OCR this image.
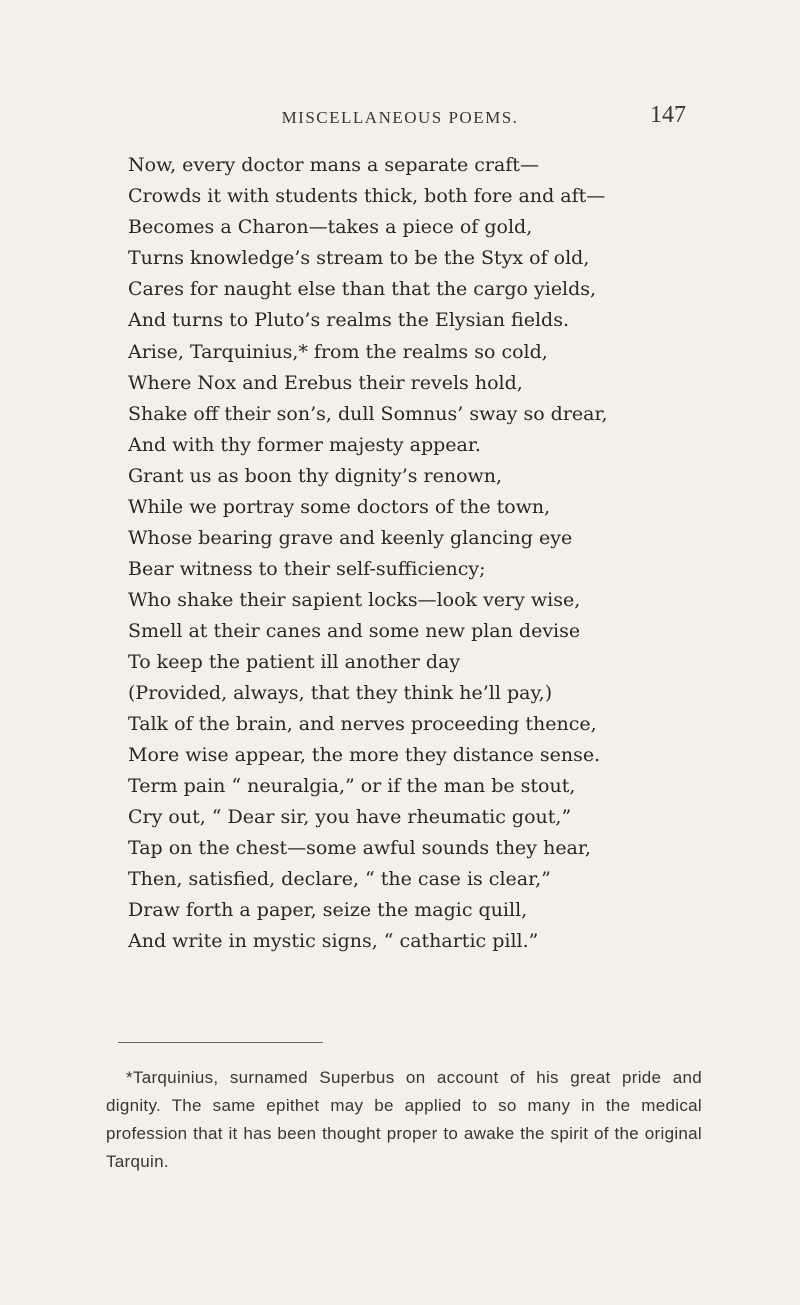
MISCELLANEOUS POEMS.	147
Now, every doctor mans a separate craft—
Crowds it with students thick, both fore and aft—
Becomes a Charon—takes a piece of gold,
Turns knowledge’s stream to be the Styx of old,
Cares for naught else than that the cargo yields,
And turns to Pluto’s realms the Elysian fields.
Arise, Tarquinius,* from the realms so cold,
Where Nox and Erebus their revels hold,
Shake off their son’s, dull Somnus’ sway so drear,
And with thy former majesty appear.
Grant us as boon thy dignity’s renown,
While we portray some doctors of the town,
Whose bearing grave and keenly glancing eye
Bear witness to their self-sufficiency;
Who shake their sapient locks—look very wise,
Smell at their canes and some new plan devise
To keep the patient ill another day
(Provided, always, that they think he’ll pay,)
Talk of the brain, and nerves proceeding thence,
More wise appear, the more they distance sense.
Term pain “ neuralgia,” or if the man be stout,
Cry out, “ Dear sir, you have rheumatic gout,”
Tap on the chest—some awful sounds they hear,
Then, satisfied, declare, “ the case is clear,”
Draw forth a paper, seize the magic quill,
And write in mystic signs, “ cathartic pill.”
*Tarquinius, surnamed Superbus on account of his great pride and dignity. The same epithet may be applied to so many in the medical profession that it has been thought proper to awake the spirit of the original Tarquin.
